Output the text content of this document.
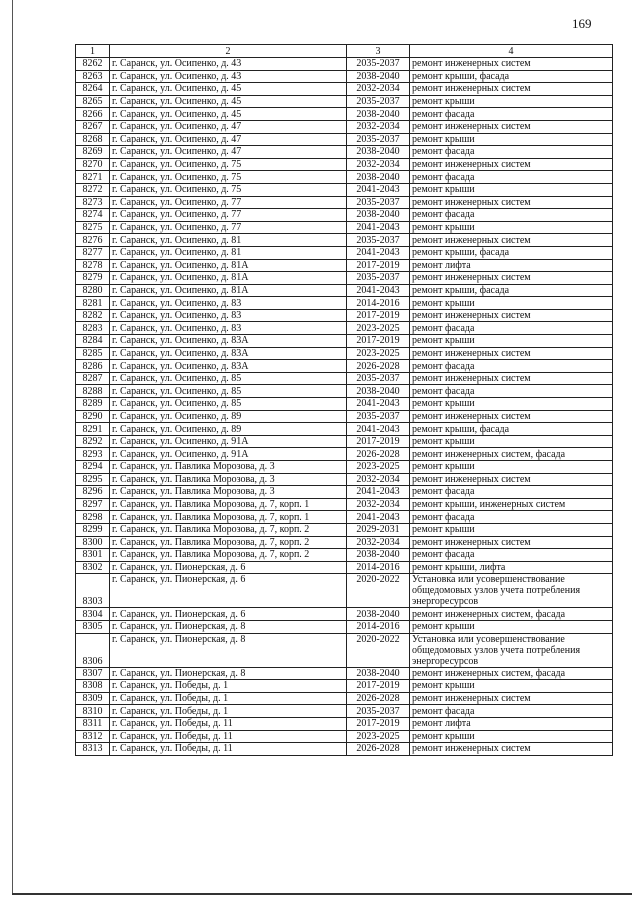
169
1	2	3	4
8262	г. Саранск, ул. Осипенко, д. 43	2035-2037	ремонт инженерных систем
8263	г. Саранск, ул. Осипенко, д. 43	2038-2040	ремонт крыши, фасада
8264	г. Саранск, ул. Осипенко, д. 45	2032-2034	ремонт инженерных систем
8265	г. Саранск, ул. Осипенко, д. 45	2035-2037	ремонт крыши
8266	г. Саранск, ул. Осипенко, д. 45	2038-2040	ремонт фасада
8267	г. Саранск, ул. Осипенко, д. 47	2032-2034	ремонт инженерных систем
8268	г. Саранск, ул. Осипенко, д. 47	2035-2037	ремонт крыши
8269	г. Саранск, ул. Осипенко, д. 47	2038-2040	ремонт фасада
8270	г. Саранск, ул. Осипенко, д. 75	2032-2034	ремонт инженерных систем
8271	г. Саранск, ул. Осипенко, д. 75	2038-2040	ремонт фасада
8272	г. Саранск, ул. Осипенко, д. 75	2041-2043	ремонт крыши
8273	г. Саранск, ул. Осипенко, д. 77	2035-2037	ремонт инженерных систем
8274	г. Саранск, ул. Осипенко, д. 77	2038-2040	ремонт фасада
8275	г. Саранск, ул. Осипенко, д. 77	2041-2043	ремонт крыши
8276	г. Саранск, ул. Осипенко, д. 81	2035-2037	ремонт инженерных систем
8277	г. Саранск, ул. Осипенко, д. 81	2041-2043	ремонт крыши, фасада
8278	г. Саранск, ул. Осипенко, д. 81А	2017-2019	ремонт лифта
8279	г. Саранск, ул. Осипенко, д. 81А	2035-2037	ремонт инженерных систем
8280	г. Саранск, ул. Осипенко, д. 81А	2041-2043	ремонт крыши, фасада
8281	г. Саранск, ул. Осипенко, д. 83	2014-2016	ремонт крыши
8282	г. Саранск, ул. Осипенко, д. 83	2017-2019	ремонт инженерных систем
8283	г. Саранск, ул. Осипенко, д. 83	2023-2025	ремонт фасада
8284	г. Саранск, ул. Осипенко, д. 83А	2017-2019	ремонт крыши
8285	г. Саранск, ул. Осипенко, д. 83А	2023-2025	ремонт инженерных систем
8286	г. Саранск, ул. Осипенко, д. 83А	2026-2028	ремонт фасада
8287	г. Саранск, ул. Осипенко, д. 85	2035-2037	ремонт инженерных систем
8288	г. Саранск, ул. Осипенко, д. 85	2038-2040	ремонт фасада
8289	г. Саранск, ул. Осипенко, д. 85	2041-2043	ремонт крыши
8290	г. Саранск, ул. Осипенко, д. 89	2035-2037	ремонт инженерных систем
8291	г. Саранск, ул. Осипенко, д. 89	2041-2043	ремонт крыши, фасада
8292	г. Саранск, ул. Осипенко, д. 91А	2017-2019	ремонт крыши
8293	г. Саранск, ул. Осипенко, д. 91А	2026-2028	ремонт инженерных систем, фасада
8294	г. Саранск, ул. Павлика Морозова, д. 3	2023-2025	ремонт крыши
8295	г. Саранск, ул. Павлика Морозова, д. 3	2032-2034	ремонт инженерных систем
8296	г. Саранск, ул. Павлика Морозова, д. 3	2041-2043	ремонт фасада
8297	г. Саранск, ул. Павлика Морозова, д. 7, корп. 1	2032-2034	ремонт крыши, инженерных систем
8298	г. Саранск, ул. Павлика Морозова, д. 7, корп. 1	2041-2043	ремонт фасада
8299	г. Саранск, ул. Павлика Морозова, д. 7, корп. 2	2029-2031	ремонт крыши
8300	г. Саранск, ул. Павлика Морозова, д. 7, корп. 2	2032-2034	ремонт инженерных систем
8301	г. Саранск, ул. Павлика Морозова, д. 7, корп. 2	2038-2040	ремонт фасада
8302	г. Саранск, ул. Пионерская, д. 6	2014-2016	ремонт крыши, лифта
8303	г. Саранск, ул. Пионерская, д. 6	2020-2022	Установка или усовершенствование общедомовых узлов учета потребления энергоресурсов
8304	г. Саранск, ул. Пионерская, д. 6	2038-2040	ремонт инженерных систем, фасада
8305	г. Саранск, ул. Пионерская, д. 8	2014-2016	ремонт крыши
8306	г. Саранск, ул. Пионерская, д. 8	2020-2022	Установка или усовершенствование общедомовых узлов учета потребления энергоресурсов
8307	г. Саранск, ул. Пионерская, д. 8	2038-2040	ремонт инженерных систем, фасада
8308	г. Саранск, ул. Победы, д. 1	2017-2019	ремонт крыши
8309	г. Саранск, ул. Победы, д. 1	2026-2028	ремонт инженерных систем
8310	г. Саранск, ул. Победы, д. 1	2035-2037	ремонт фасада
8311	г. Саранск, ул. Победы, д. 11	2017-2019	ремонт лифта
8312	г. Саранск, ул. Победы, д. 11	2023-2025	ремонт крыши
8313	г. Саранск, ул. Победы, д. 11	2026-2028	ремонт инженерных систем
